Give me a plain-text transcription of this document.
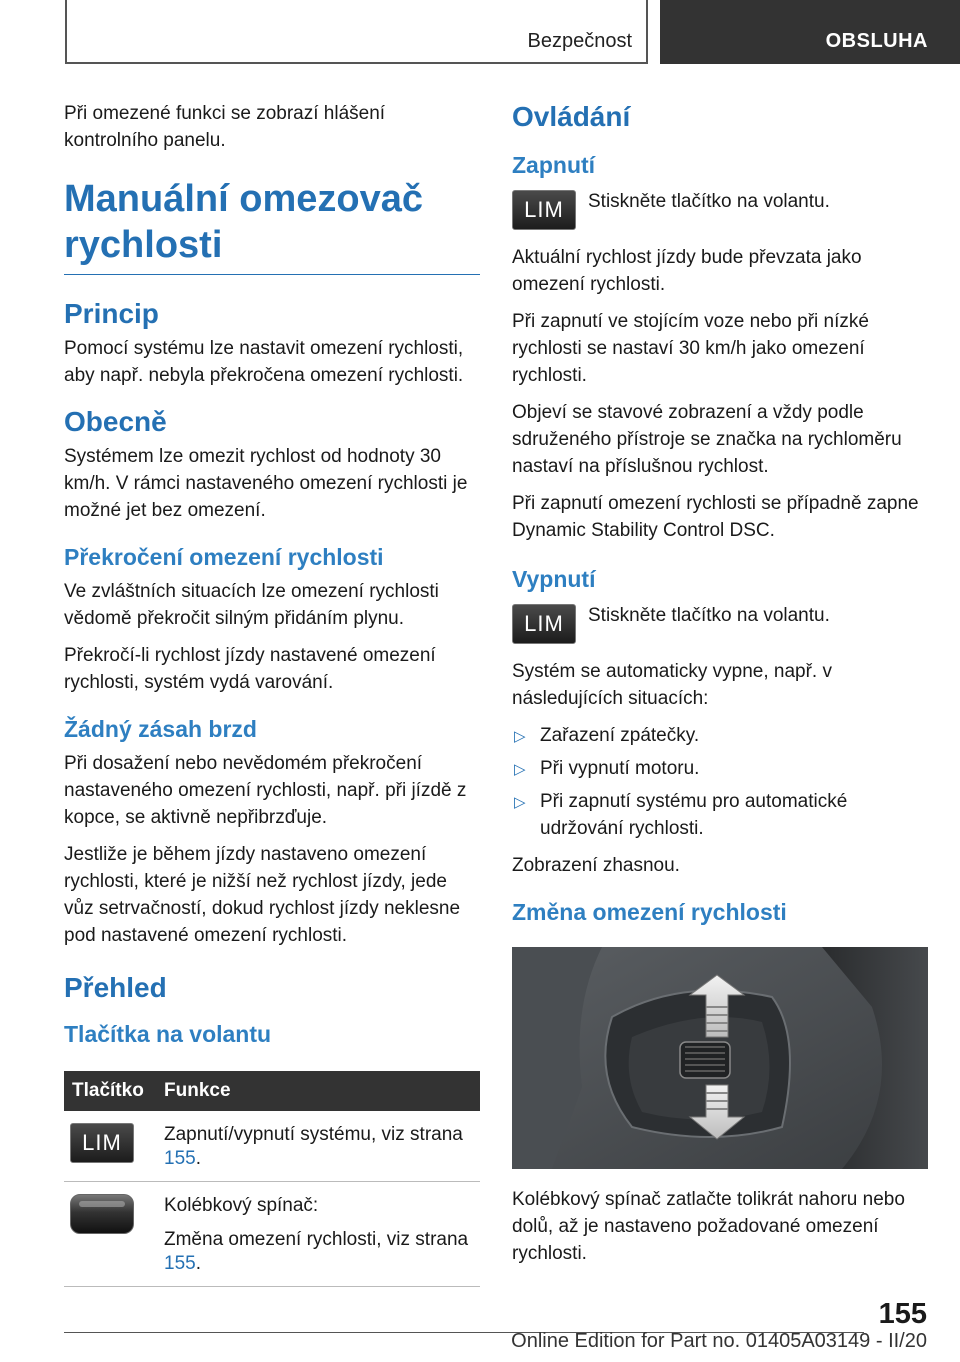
Bezpečnost	OBSLUHA

Při omezené funkci se zobrazí hlášení kontrolního panelu.

Manuální omezovač rychlosti
Princip

Pomocí systému lze nastavit omezení rychlosti, aby např. nebyla překročena omezení rychlosti.

Obecně

Systémem lze omezit rychlost od hodnoty 30 km/h. V rámci nastaveného omezení rychlosti je možné jet bez omezení.

Překročení omezení rychlosti

Ve zvláštních situacích lze omezení rychlosti vědomě překročit silným přidáním plynu.

Překročí-li rychlost jízdy nastavené omezení rychlosti, systém vydá varování.

Žádný zásah brzd

Při dosažení nebo nevědomém překročení nastaveného omezení rychlosti, např. při jízdě z kopce, se aktivně nepřibrzďuje.

Jestliže je během jízdy nastaveno omezení rychlosti, které je nižší než rychlost jízdy, jede vůz setrvačností, dokud rychlost jízdy neklesne pod nastavené omezení rychlosti.

Přehled
Tlačítka na volantu
Tlačítko	Funkce

LIM	Zapnutí/vypnutí systému, viz strana 155.

	Kolébkový spínač:
Změna omezení rychlosti, viz strana 155.
Ovládání
Zapnutí
LIM	Stiskněte tlačítko na volantu.

Aktuální rychlost jízdy bude převzata jako omezení rychlosti.

Při zapnutí ve stojícím voze nebo při nízké rychlosti se nastaví 30 km/h jako omezení rychlosti.

Objeví se stavové zobrazení a vždy podle sdruženého přístroje se značka na rychloměru nastaví na příslušnou rychlost.

Při zapnutí omezení rychlosti se případně zapne Dynamic Stability Control DSC.

Vypnutí
LIM	Stiskněte tlačítko na volantu.

Systém se automaticky vypne, např. v následujících situacích:

▷ Zařazení zpátečky.
▷ Při vypnutí motoru.
▷ Při zapnutí systému pro automatické udržování rychlosti.

Zobrazení zhasnou.

Změna omezení rychlosti

Kolébkový spínač zatlačte tolikrát nahoru nebo dolů, až je nastaveno požadované omezení rychlosti.

155
Online Edition for Part no. 01405A03149 - II/20
